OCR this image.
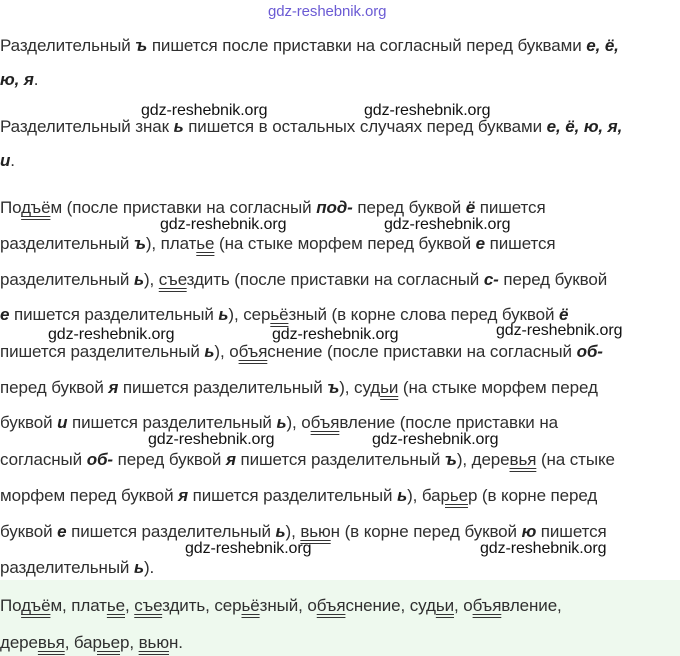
gdz-reshebnik.org
Разделительный ъ пишется после приставки на согласный перед буквами е, ё,
ю, я.
gdz-reshebnik.org	gdz-reshebnik.org
Разделительный знак ь пишется в остальных случаях перед буквами е, ё, ю, я,
и.
Подъём (после приставки на согласный под- перед буквой ё пишется
gdz-reshebnik.org	gdz-reshebnik.org
разделительный ъ), платье (на стыке морфем перед буквой е пишется
разделительный ь), съездить (после приставки на согласный с- перед буквой
е пишется разделительный ь), серьёзный (в корне слова перед буквой ё
gdz-reshebnik.org	gdz-reshebnik.org	gdz-reshebnik.org
пишется разделительный ь), объяснение (после приставки на согласный об-
перед буквой я пишется разделительный ъ), судьи (на стыке морфем перед
буквой и пишется разделительный ь), объявление (после приставки на
gdz-reshebnik.org	gdz-reshebnik.org
согласный об- перед буквой я пишется разделительный ъ), деревья (на стыке
морфем перед буквой я пишется разделительный ь), барьер (в корне перед
буквой е пишется разделительный ь), вьюн (в корне перед буквой ю пишется
gdz-reshebnik.org	gdz-reshebnik.org
разделительный ь).
Подъём, платье, съездить, серьёзный, объяснение, судьи, объявление,
деревья, барьер, вьюн.
